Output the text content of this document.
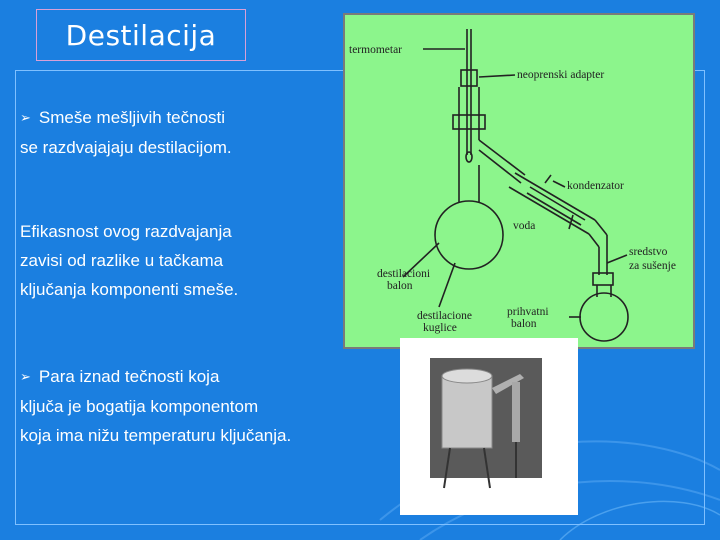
Destilacija
➢ Smeše mešljivih tečnosti
se razdvajajaju destilacijom.
Efikasnost ovog razdvajanja
zavisi od razlike u tačkama
ključanja komponenti smeše.
➢ Para iznad tečnosti koja
ključa je bogatija komponentom
koja ima nižu temperaturu ključanja.
termometar
neoprenski adapter
kondenzator
voda
sredstvo
za sušenje
destilacioni
balon
destilacione
kuglice
prihvatni
balon
